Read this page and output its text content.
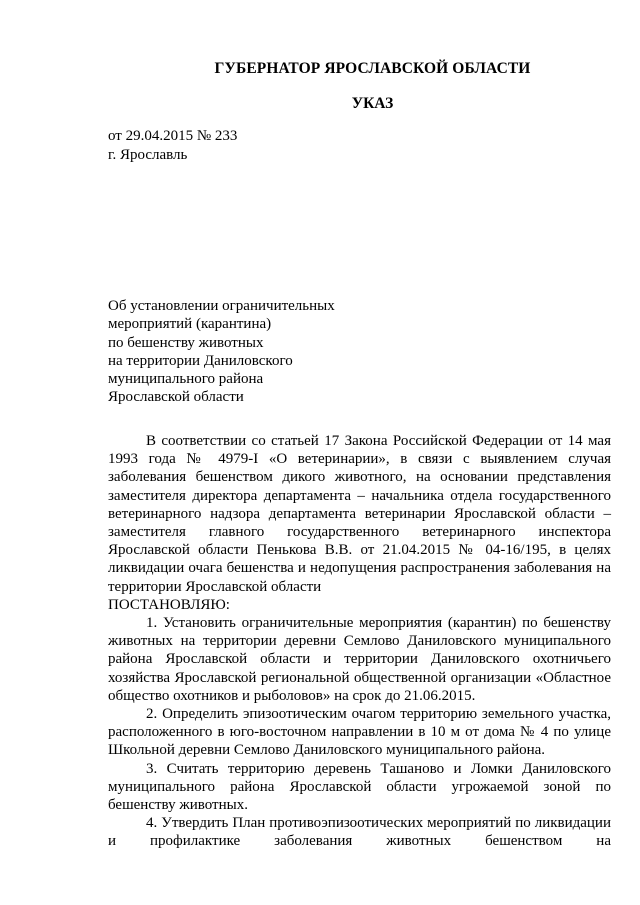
ГУБЕРНАТОР ЯРОСЛАВСКОЙ ОБЛАСТИ
УКАЗ
от 29.04.2015 № 233
г. Ярославль
Об установлении ограничительных
мероприятий (карантина)
по бешенству животных
на территории Даниловского
муниципального района
Ярославской области

В соответствии со статьей 17 Закона Российской Федерации от 14 мая 1993 года № 4979-I «О ветеринарии», в связи с выявлением случая заболевания бешенством дикого животного, на основании представления заместителя директора департамента – начальника отдела государственного ветеринарного надзора департамента ветеринарии Ярославской области – заместителя главного государственного ветеринарного инспектора Ярославской области Пенькова В.В. от 21.04.2015 № 04-16/195, в целях ликвидации очага бешенства и недопущения распространения заболевания на территории Ярославской области

ПОСТАНОВЛЯЮ:

1. Установить ограничительные мероприятия (карантин) по бешенству животных на территории деревни Семлово Даниловского муниципального района Ярославской области и территории Даниловского охотничьего хозяйства Ярославской региональной общественной организации «Областное общество охотников и рыболовов» на срок до 21.06.2015.

2. Определить эпизоотическим очагом территорию земельного участка, расположенного в юго-восточном направлении в 10 м от дома № 4 по улице Школьной деревни Семлово Даниловского муниципального района.

3. Считать территорию деревень Ташаново и Ломки Даниловского муниципального района Ярославской области угрожаемой зоной по бешенству животных.

4. Утвердить План противоэпизоотических мероприятий по ликвидации и профилактике заболевания животных бешенством на
